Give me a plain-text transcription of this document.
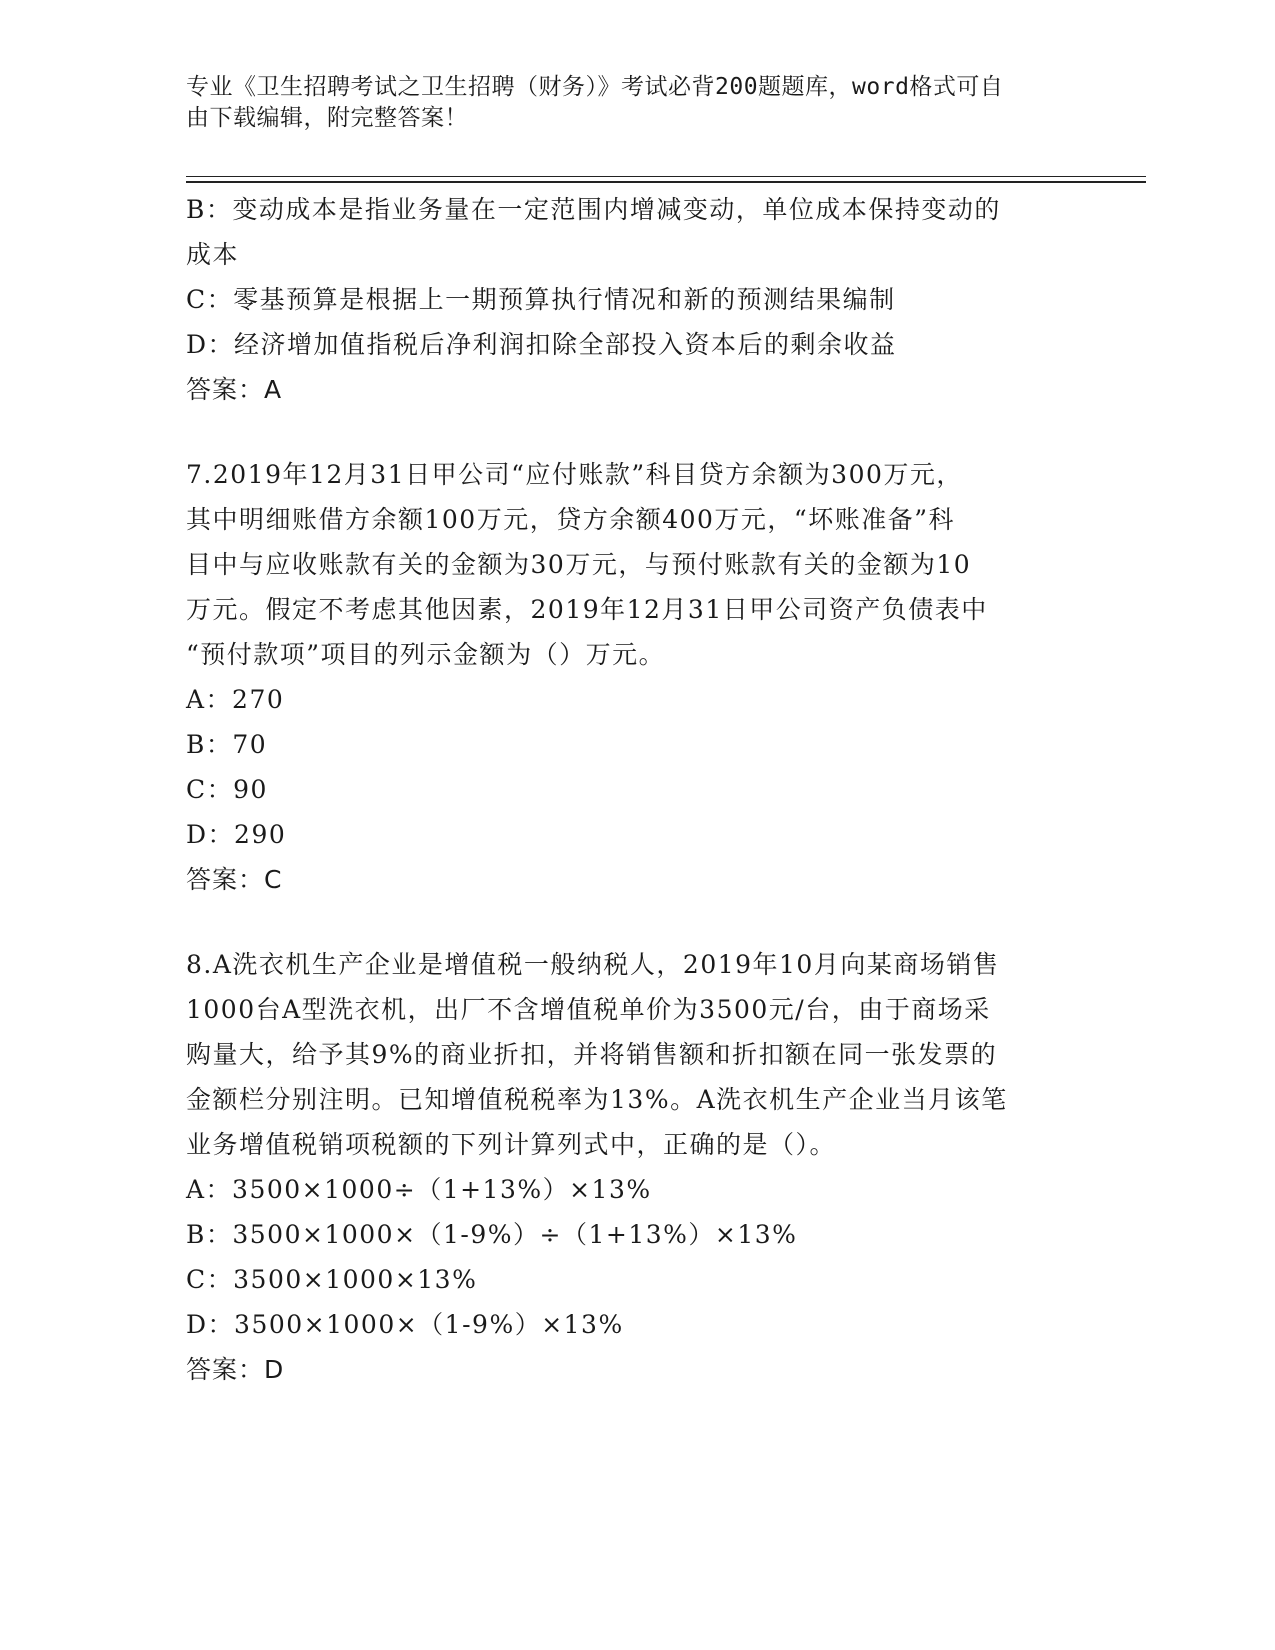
专业《卫生招聘考试之卫生招聘（财务）》考试必背200题题库，word格式可自
由下载编辑，附完整答案！
B：变动成本是指业务量在一定范围内增减变动，单位成本保持变动的
成本
C：零基预算是根据上一期预算执行情况和新的预测结果编制
D：经济增加值指税后净利润扣除全部投入资本后的剩余收益
答案：A
7.2019年12月31日甲公司“应付账款”科目贷方余额为300万元，
其中明细账借方余额100万元，贷方余额400万元，“坏账准备”科
目中与应收账款有关的金额为30万元，与预付账款有关的金额为10
万元。假定不考虑其他因素，2019年12月31日甲公司资产负债表中
“预付款项”项目的列示金额为（）万元。
A：270
B：70
C：90
D：290
答案：C
8.A洗衣机生产企业是增值税一般纳税人，2019年10月向某商场销售
1000台A型洗衣机，出厂不含增值税单价为3500元/台，由于商场采
购量大，给予其9%的商业折扣，并将销售额和折扣额在同一张发票的
金额栏分别注明。已知增值税税率为13%。A洗衣机生产企业当月该笔
业务增值税销项税额的下列计算列式中，正确的是（）。
A：3500×1000÷（1+13%）×13%
B：3500×1000×（1-9%）÷（1+13%）×13%
C：3500×1000×13%
D：3500×1000×（1-9%）×13%
答案：D
